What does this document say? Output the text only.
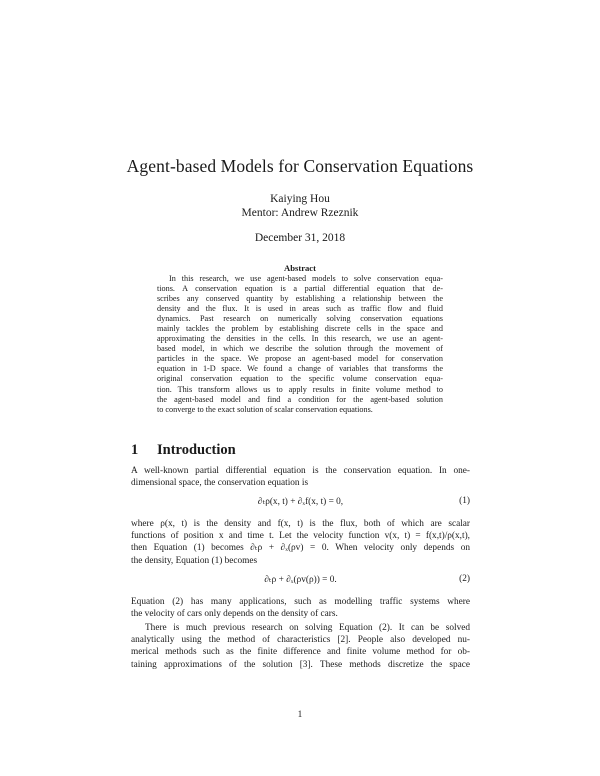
Agent-based Models for Conservation Equations
Kaiying Hou
Mentor: Andrew Rzeznik
December 31, 2018
Abstract
In this research, we use agent-based models to solve conservation equa-
tions. A conservation equation is a partial differential equation that de-
scribes any conserved quantity by establishing a relationship between the
density and the flux. It is used in areas such as traffic flow and fluid
dynamics. Past research on numerically solving conservation equations
mainly tackles the problem by establishing discrete cells in the space and
approximating the densities in the cells. In this research, we use an agent-
based model, in which we describe the solution through the movement of
particles in the space. We propose an agent-based model for conservation
equation in 1-D space. We found a change of variables that transforms the
original conservation equation to the specific volume conservation equa-
tion. This transform allows us to apply results in finite volume method to
the agent-based model and find a condition for the agent-based solution
to converge to the exact solution of scalar conservation equations.
1 Introduction
A well-known partial differential equation is the conservation equation. In one-
dimensional space, the conservation equation is
∂ₜρ(x, t) + ∂ₓf(x, t) = 0,	(1)
where ρ(x, t) is the density and f(x, t) is the flux, both of which are scalar
functions of position x and time t. Let the velocity function v(x, t) = f(x,t)/ρ(x,t),
then Equation (1) becomes ∂ₜρ + ∂ₓ(ρv) = 0. When velocity only depends on
the density, Equation (1) becomes
∂ₜρ + ∂ₓ(ρv(ρ)) = 0.	(2)
Equation (2) has many applications, such as modelling traffic systems where
the velocity of cars only depends on the density of cars.
There is much previous research on solving Equation (2). It can be solved
analytically using the method of characteristics [2]. People also developed nu-
merical methods such as the finite difference and finite volume method for ob-
taining approximations of the solution [3]. These methods discretize the space
1
